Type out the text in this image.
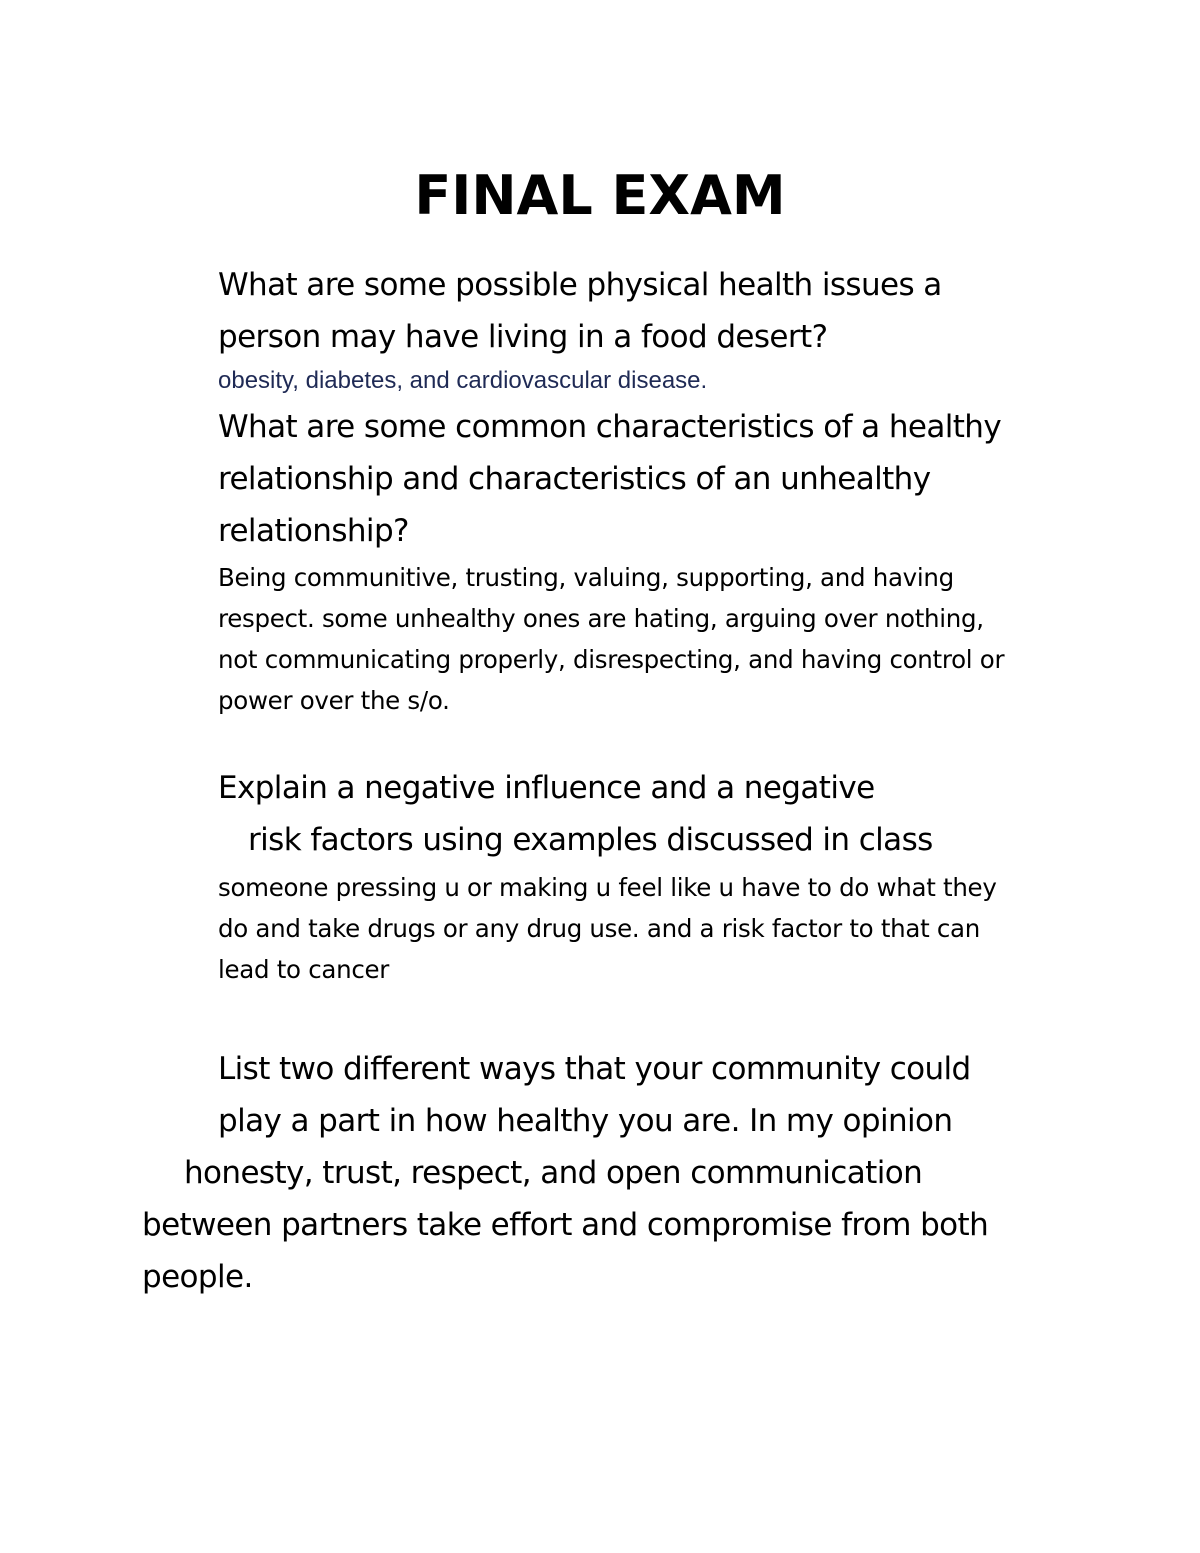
FINAL EXAM
What are some possible physical health issues a
person may have living in a food desert?
obesity, diabetes, and cardiovascular disease.
What are some common characteristics of a healthy
relationship and characteristics of an unhealthy
relationship?
Being communitive, trusting, valuing, supporting, and having
respect. some unhealthy ones are hating, arguing over nothing,
not communicating properly, disrespecting, and having control or
power over the s/o.
Explain a negative influence and a negative
risk factors using examples discussed in class
someone pressing u or making u feel like u have to do what they
do and take drugs or any drug use. and a risk factor to that can
lead to cancer
List two different ways that your community could
play a part in how healthy you are. In my opinion
honesty, trust, respect, and open communication
between partners take effort and compromise from both
people.
